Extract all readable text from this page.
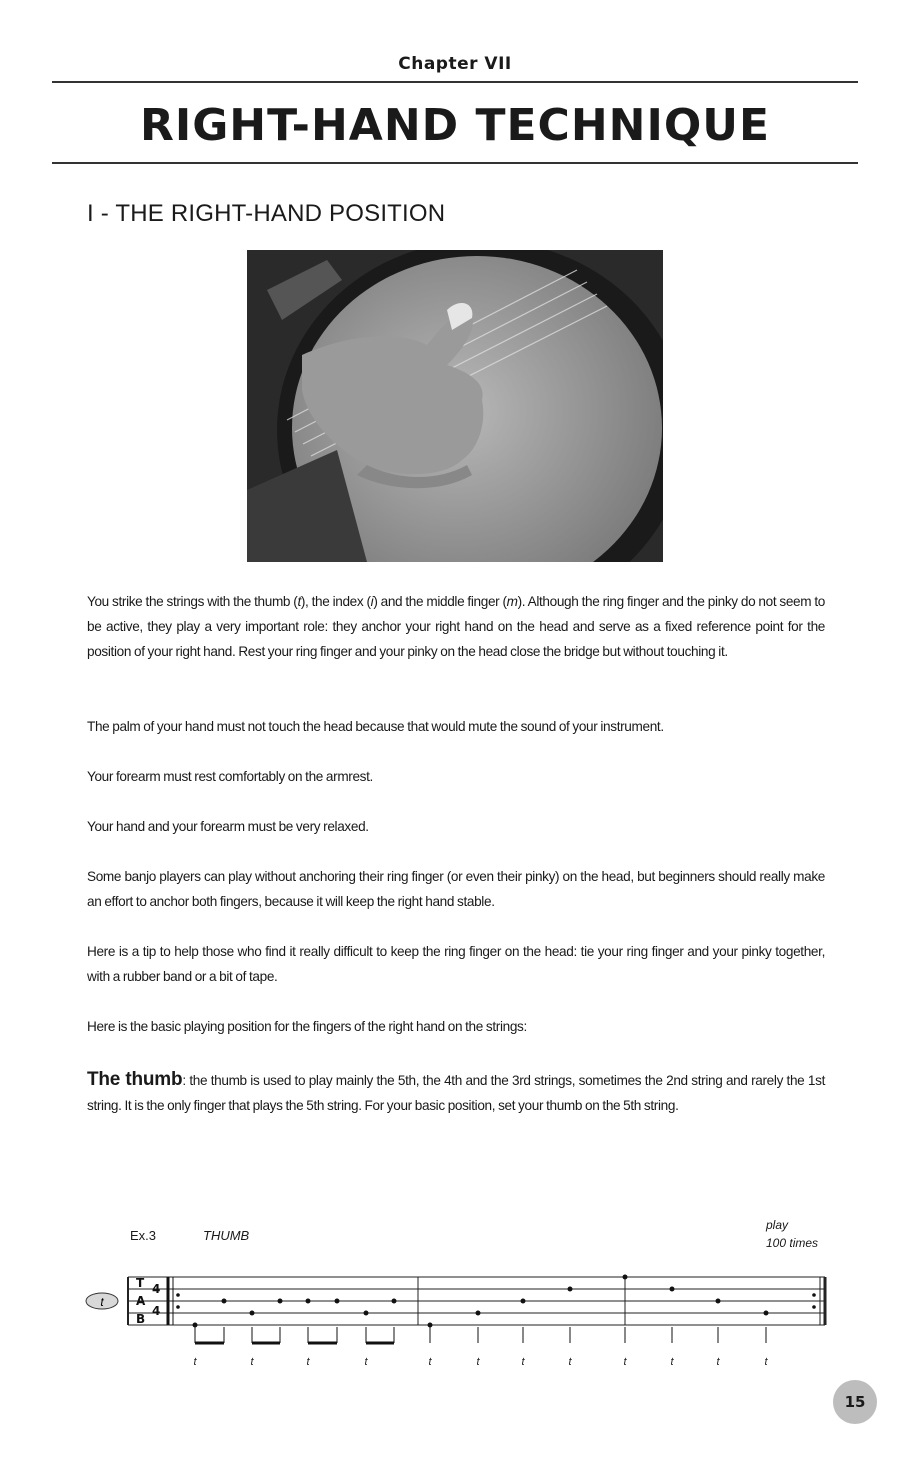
Chapter VII
RIGHT-HAND TECHNIQUE
I - THE RIGHT-HAND POSITION
You strike the strings with the thumb (t), the index (i) and the middle finger (m). Although the ring finger and the pinky do not seem to be active, they play a very important role: they anchor your right hand on the head and serve as a fixed reference point for the position of your right hand. Rest your ring finger and your pinky on the head close the bridge but without touching it.
The palm of your hand must not touch the head because that would mute the sound of your instrument.
Your forearm must rest comfortably on the armrest.
Your hand and your forearm must be very relaxed.
Some banjo players can play without anchoring their ring finger (or even their pinky) on the head, but beginners should really make an effort to anchor both fingers, because it will keep the right hand stable.
Here is a tip to help those who find it really difficult to keep the ring finger on the head: tie your ring finger and your pinky together, with a rubber band or a bit of tape.
Here is the basic playing position for the fingers of the right hand on the strings:
The thumb: the thumb is used to play mainly the 5th, the 4th and the 3rd strings, sometimes the 2nd string and rarely the 1st string. It is the only finger that plays the 5th string. For your basic position, set your thumb on the 5th string.
Ex.3	THUMB
play
100 times
t
T
A
B
4
4
t	t	t	t	t	t	t	t	t	t	t	t
15
